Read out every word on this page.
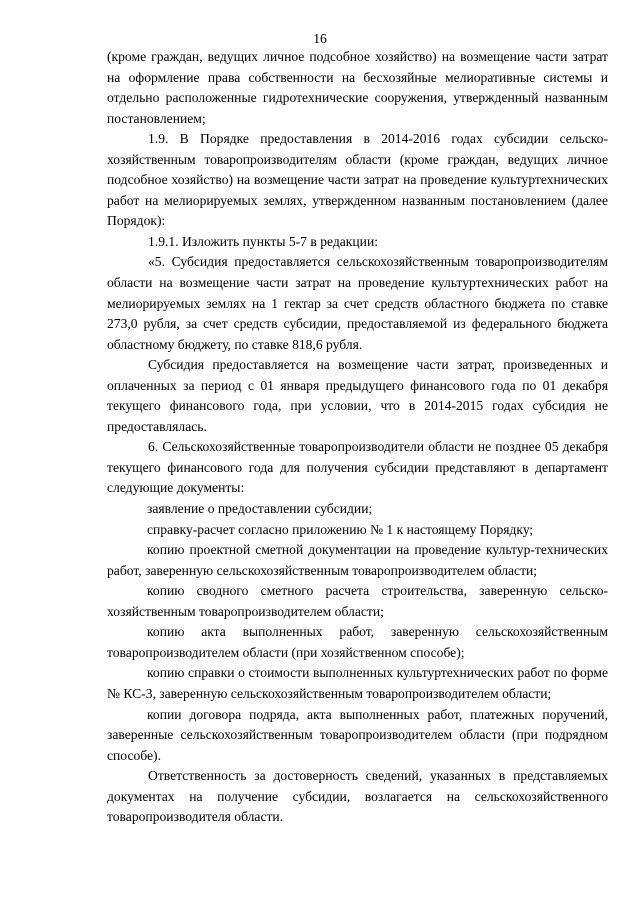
16

(кроме граждан, ведущих личное подсобное хозяйство) на возмещение части затрат на оформление права собственности на бесхозяйные мелиоративные системы и отдельно расположенные гидротехнические сооружения, утвержденный названным постановлением;

1.9. В Порядке предоставления в 2014-2016 годах субсидии сельско-хозяйственным товаропроизводителям области (кроме граждан, ведущих личное подсобное хозяйство) на возмещение части затрат на проведение культуртехнических работ на мелиорируемых землях, утвержденном названным постановлением (далее Порядок):

1.9.1. Изложить пункты 5-7 в редакции:

«5. Субсидия предоставляется сельскохозяйственным товаропроизводителям области на возмещение части затрат на проведение культуртехнических работ на мелиорируемых землях на 1 гектар за счет средств областного бюджета по ставке 273,0 рубля, за счет средств субсидии, предоставляемой из федерального бюджета областному бюджету, по ставке 818,6 рубля.

Субсидия предоставляется на возмещение части затрат, произведенных и оплаченных за период с 01 января предыдущего финансового года по 01 декабря текущего финансового года, при условии, что в 2014-2015 годах субсидия не предоставлялась.

6. Сельскохозяйственные товаропроизводители области не позднее 05 декабря текущего финансового года для получения субсидии представляют в департамент следующие документы:

заявление о предоставлении субсидии;

справку-расчет согласно приложению № 1 к настоящему Порядку;

копию проектной сметной документации на проведение культур-технических работ, заверенную сельскохозяйственным товаропроизводителем области;

копию сводного сметного расчета строительства, заверенную сельско-хозяйственным товаропроизводителем области;

копию акта выполненных работ, заверенную сельскохозяйственным товаропроизводителем области (при хозяйственном способе);

копию справки о стоимости выполненных культуртехнических работ по форме № КС-3, заверенную сельскохозяйственным товаропроизводителем области;

копии договора подряда, акта выполненных работ, платежных поручений, заверенные сельскохозяйственным товаропроизводителем области (при подрядном способе).

Ответственность за достоверность сведений, указанных в представляемых документах на получение субсидии, возлагается на сельскохозяйственного товаропроизводителя области.
